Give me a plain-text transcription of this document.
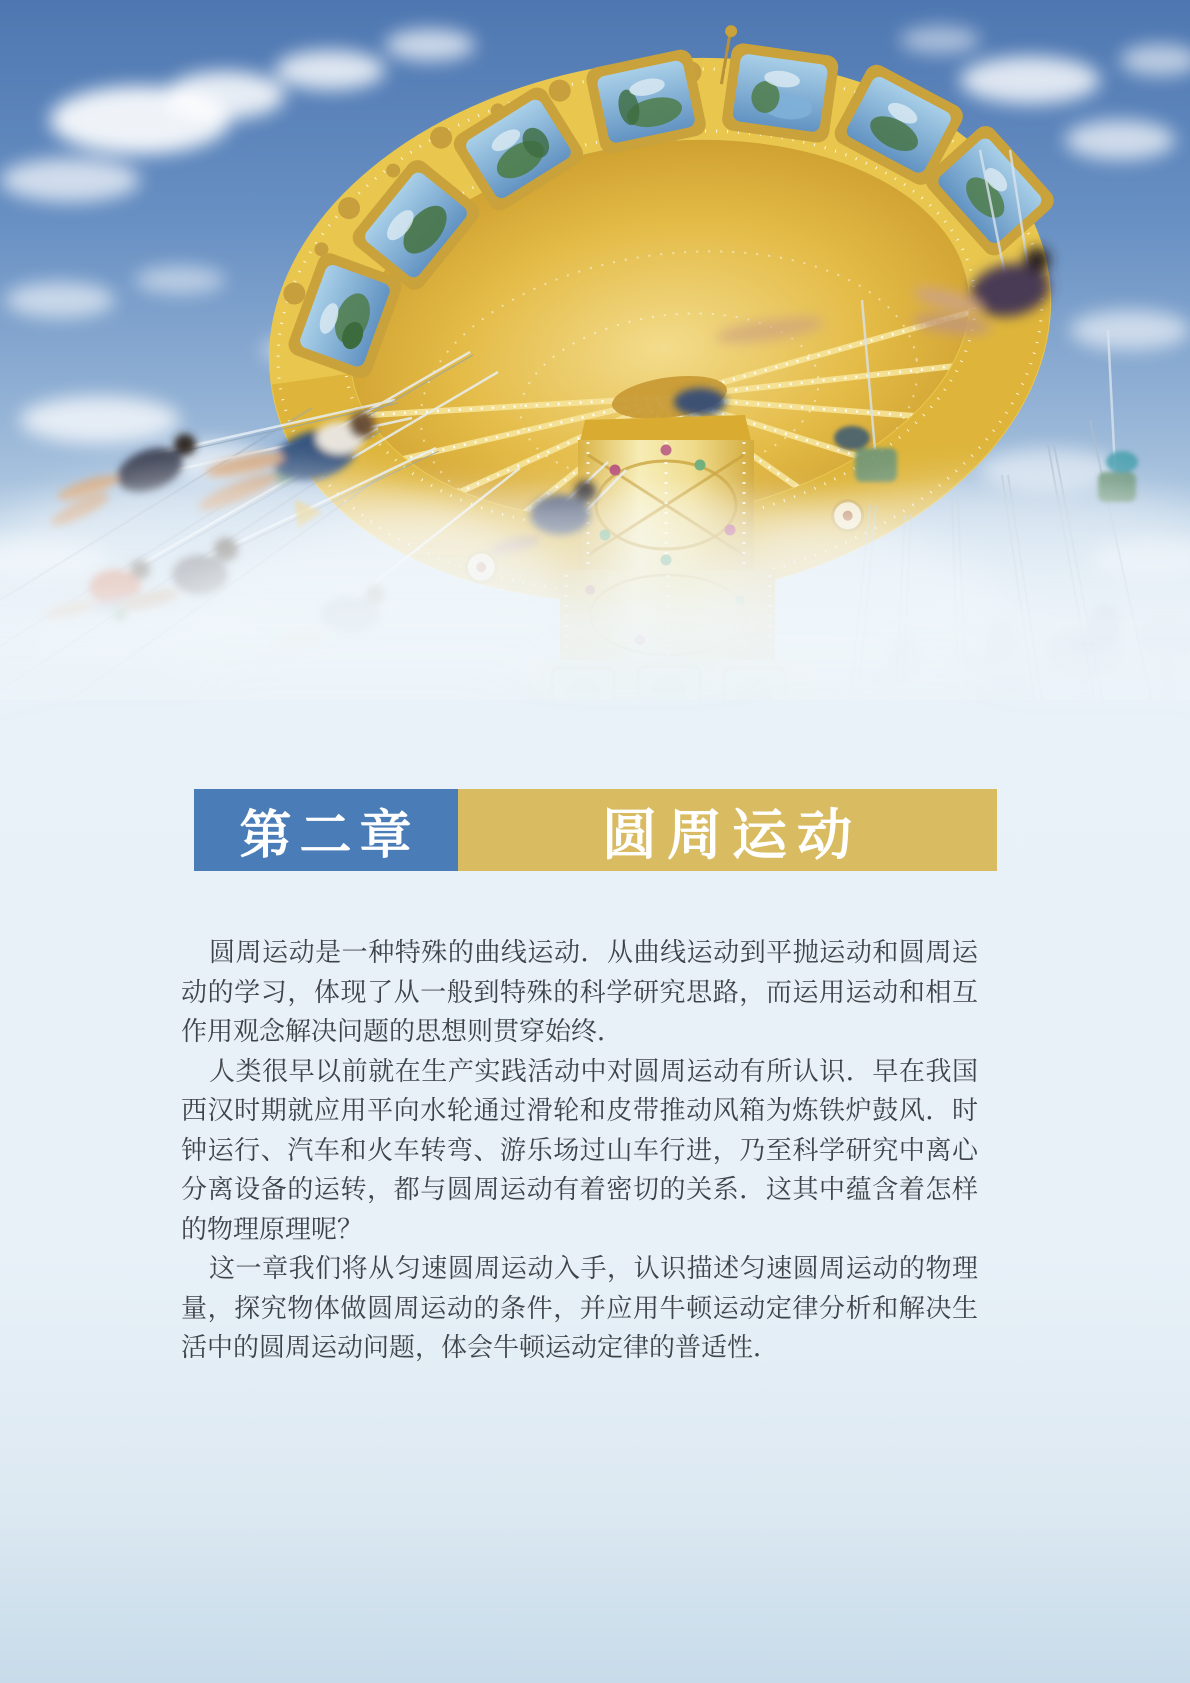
第二章	圆周运动

圆周运动是一种特殊的曲线运动．从曲线运动到平抛运动和圆周运动的学习，体现了从一般到特殊的科学研究思路，而运用运动和相互作用观念解决问题的思想则贯穿始终．

人类很早以前就在生产实践活动中对圆周运动有所认识．早在我国西汉时期就应用平向水轮通过滑轮和皮带推动风箱为炼铁炉鼓风．时钟运行、汽车和火车转弯、游乐场过山车行进，乃至科学研究中离心分离设备的运转，都与圆周运动有着密切的关系．这其中蕴含着怎样的物理原理呢？

这一章我们将从匀速圆周运动入手，认识描述匀速圆周运动的物理量，探究物体做圆周运动的条件，并应用牛顿运动定律分析和解决生活中的圆周运动问题，体会牛顿运动定律的普适性．
